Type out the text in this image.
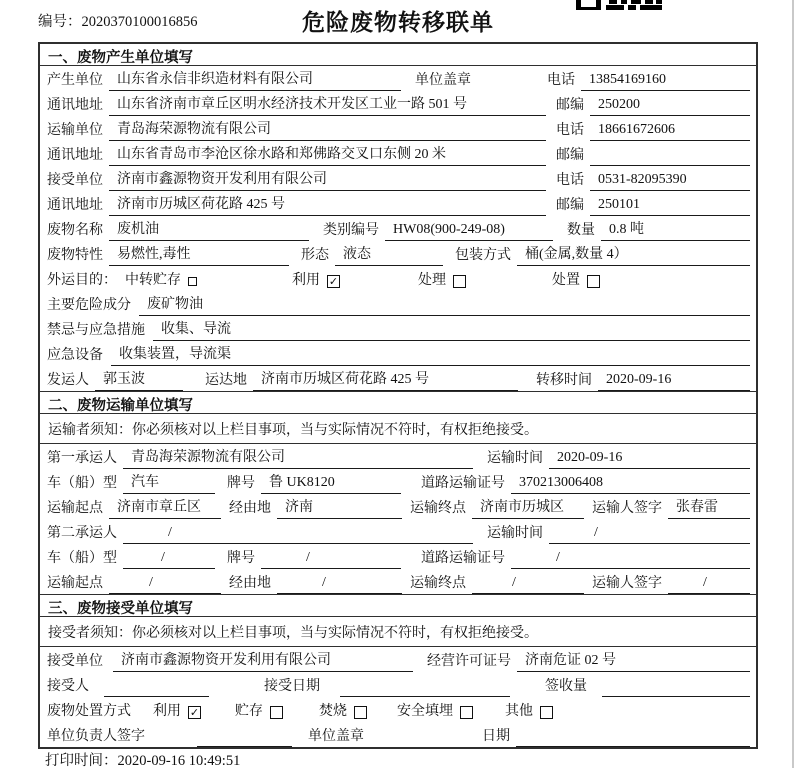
编号：2020370100016856	危险废物转移联单
一、废物产生单位填写
产生单位	山东省永信非织造材料有限公司	单位盖章	电话	13854169160
通讯地址	山东省济南市章丘区明水经济技术开发区工业一路 501 号	邮编	250200
运输单位	青岛海荣源物流有限公司	电话	18661672606
通讯地址	山东省青岛市李沧区徐水路和郑佛路交叉口东侧 20 米	邮编
接受单位	济南市鑫源物资开发利用有限公司	电话	0531-82095390
通讯地址	济南市历城区荷花路 425 号	邮编	250101
废物名称	废机油	类别编号	HW08(900-249-08)	数量	0.8 吨
废物特性	易燃性,毒性	形态	液态	包装方式	桶(金属,数量 4）
外运目的： 中转贮存	利用 ✓	处理	处置
主要危险成分	废矿物油
禁忌与应急措施	收集、导流
应急设备	收集装置，导流渠
发运人	郭玉波	运达地	济南市历城区荷花路 425 号	转移时间	2020-09-16
二、废物运输单位填写
运输者须知：你必须核对以上栏目事项，当与实际情况不符时，有权拒绝接受。
第一承运人	青岛海荣源物流有限公司	运输时间	2020-09-16
车（船）型	汽车	牌号	鲁 UK8120	道路运输证号	370213006408
运输起点	济南市章丘区	经由地	济南	运输终点	济南市历城区	运输人签字	张春雷
第二承运人	/	运输时间	/
车（船）型	/	牌号	/	道路运输证号	/
运输起点	/	经由地	/	运输终点	/	运输人签字	/
三、废物接受单位填写
接受者须知：你必须核对以上栏目事项，当与实际情况不符时，有权拒绝接受。
接受单位	济南市鑫源物资开发利用有限公司	经营许可证号	济南危证 02 号
接受人	接受日期	签收量
废物处置方式 利用 ✓	贮存	焚烧	安全填埋	其他
单位负责人签字	单位盖章	日期
打印时间：2020-09-16 10:49:51
